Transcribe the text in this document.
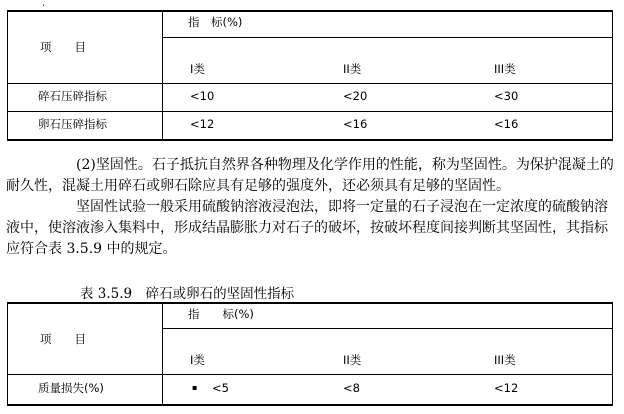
.
项　　目
指　标(%)
I类	II类	III类
碎石压碎指标	<10	<20	<30
卵石压碎指标	<12	<16	<16

(2)坚固性。石子抵抗自然界各种物理及化学作用的性能，称为坚固性。为保护混凝土的耐久性，混凝土用碎石或卵石除应具有足够的强度外，还必须具有足够的坚固性。

坚固性试验一般采用硫酸钠溶液浸泡法，即将一定量的石子浸泡在一定浓度的硫酸钠溶液中，使溶液渗入集料中，形成结晶膨胀力对石子的破坏，按破坏程度间接判断其坚固性，其指标应符合表 3.5.9 中的规定。

表 3.5.9　碎石或卵石的坚固性指标
项　　目
指　　标(%)
I类	II类	III类
质量损失(%)	▪ <5	<8	<12
